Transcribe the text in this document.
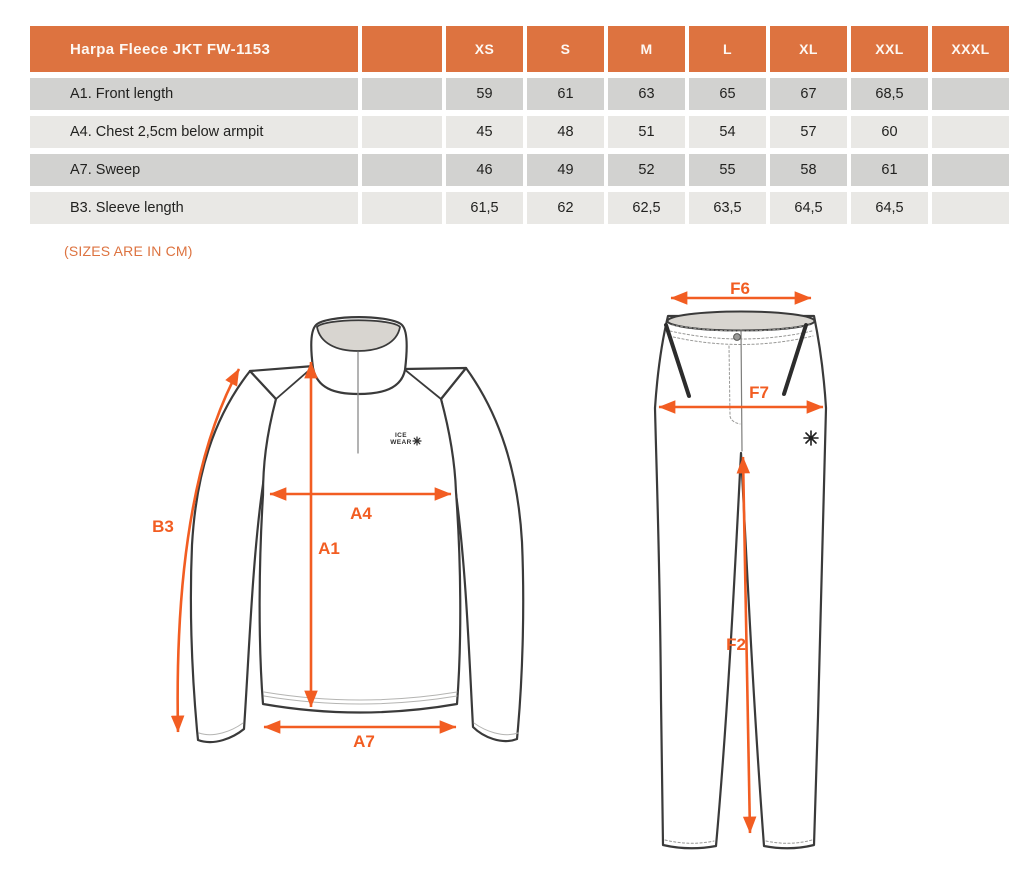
Harpa Fleece JKT FW-1153	XS	S	M	L	XL	XXL	XXXL
A1. Front length	59	61	63	65	67	68,5
A4. Chest 2,5cm below armpit	45	48	51	54	57	60
A7. Sweep	46	49	52	55	58	61
B3. Sleeve length	61,5	62	62,5	63,5	64,5	64,5
(SIZES ARE IN CM)
B3
A4
A1
A7
F6
F7
F2
ICE
WEAR
